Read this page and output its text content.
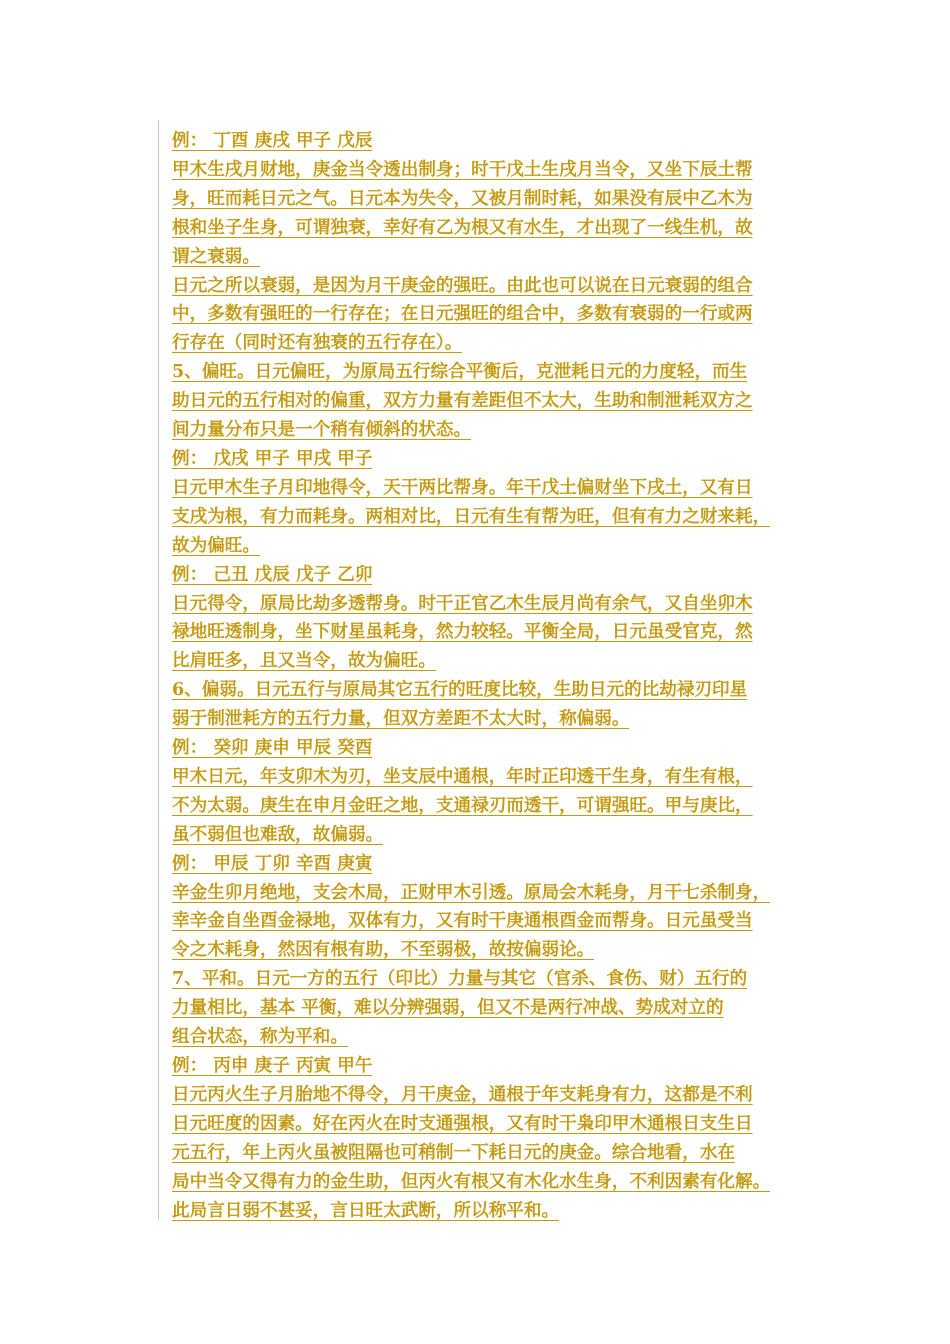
例： 丁酉 庚戌 甲子 戊辰
甲木生戌月财地，庚金当令透出制身；时干戊土生戌月当令，又坐下辰土帮
身，旺而耗日元之气。日元本为失令，又被月制时耗，如果没有辰中乙木为
根和坐子生身，可谓独衰，幸好有乙为根又有水生，才出现了一线生机，故
谓之衰弱。
日元之所以衰弱，是因为月干庚金的强旺。由此也可以说在日元衰弱的组合
中，多数有强旺的一行存在；在日元强旺的组合中，多数有衰弱的一行或两
行存在（同时还有独衰的五行存在）。
5、偏旺。日元偏旺，为原局五行综合平衡后，克泄耗日元的力度轻，而生
助日元的五行相对的偏重，双方力量有差距但不太大，生助和制泄耗双方之
间力量分布只是一个稍有倾斜的状态。
例： 戊戌 甲子 甲戌 甲子
日元甲木生子月印地得令，天干两比帮身。年干戊土偏财坐下戌土，又有日
支戌为根，有力而耗身。两相对比，日元有生有帮为旺，但有有力之财来耗，
故为偏旺。
例： 己丑 戊辰 戊子 乙卯
日元得令，原局比劫多透帮身。时干正官乙木生辰月尚有余气，又自坐卯木
禄地旺透制身，坐下财星虽耗身，然力较轻。平衡全局，日元虽受官克，然
比肩旺多，且又当令，故为偏旺。
6、偏弱。日元五行与原局其它五行的旺度比较，生助日元的比劫禄刃印星
弱于制泄耗方的五行力量，但双方差距不太大时，称偏弱。
例： 癸卯 庚申 甲辰 癸酉
甲木日元，年支卯木为刃，坐支辰中通根，年时正印透干生身，有生有根，
不为太弱。庚生在申月金旺之地，支通禄刃而透干，可谓强旺。甲与庚比，
虽不弱但也难敌，故偏弱。
例： 甲辰 丁卯 辛酉 庚寅
辛金生卯月绝地，支会木局，正财甲木引透。原局会木耗身，月干七杀制身，
幸辛金自坐酉金禄地，双体有力，又有时干庚通根酉金而帮身。日元虽受当
令之木耗身，然因有根有助，不至弱极，故按偏弱论。
7、平和。日元一方的五行（印比）力量与其它（官杀、食伤、财）五行的
力量相比，基本 平衡，难以分辨强弱，但又不是两行冲战、势成对立的
组合状态，称为平和。
例： 丙申 庚子 丙寅 甲午
日元丙火生子月胎地不得令，月干庚金，通根于年支耗身有力，这都是不利
日元旺度的因素。好在丙火在时支通强根，又有时干枭印甲木通根日支生日
元五行，年上丙火虽被阻隔也可稍制一下耗日元的庚金。综合地看，水在
局中当令又得有力的金生助，但丙火有根又有木化水生身，不利因素有化解。
此局言日弱不甚妥，言日旺太武断，所以称平和。
